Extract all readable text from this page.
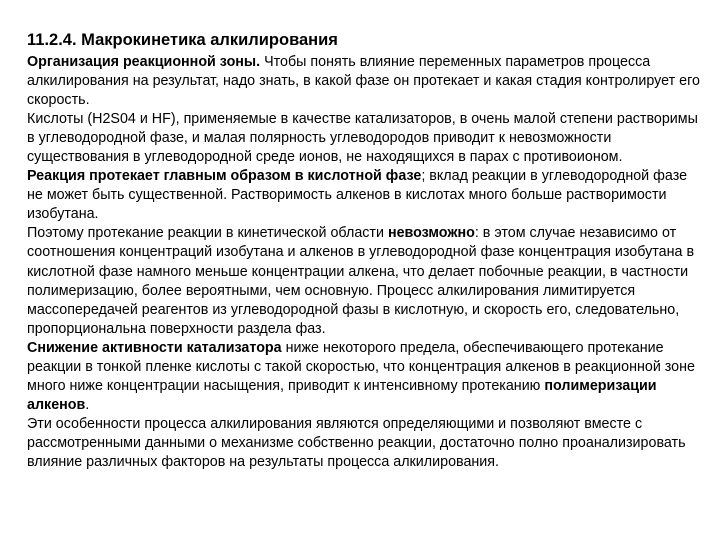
11.2.4. Макрокинетика алкилирования

Организация реакционной зоны. Чтобы понять влияние переменных параметров процесса алкилирования на результат, надо знать, в какой фазе он протекает и какая стадия контролирует его скорость.

Кислоты (H2S04 и HF), применяемые в качестве катализаторов, в очень малой степени растворимы в углеводородной фазе, и малая полярность углеводородов приводит к невозможности существования в углеводородной среде ионов, не находящихся в парах с противоионом.

Реакция протекает главным образом в кислотной фазе; вклад реакции в углеводородной фазе не может быть существенной. Растворимость алкенов в кислотах много больше растворимости изобутана.

Поэтому протекание реакции в кинетической области невозможно: в этом случае независимо от соотношения концентраций изобутана и алкенов в углеводородной фазе концентрация изобутана в кислотной фазе намного меньше концентрации алкена, что делает побочные реакции, в частности полимеризацию, более вероятными, чем основную. Процесс алкилирования лимитируется массопередачей реагентов из углеводородной фазы в кислотную, и скорость его, следовательно, пропорциональна поверхности раздела фаз.

Снижение активности катализатора ниже некоторого предела, обеспечивающего протекание реакции в тонкой пленке кислоты с такой скоростью, что концентрация алкенов в реакционной зоне много ниже концентрации насыщения, приводит к интенсивному протеканию полимеризации алкенов.

Эти особенности процесса алкилирования являются определяющими и позволяют вместе с рассмотренными данными о механизме собственно реакции, достаточно полно проанализировать влияние различных факторов на результаты процесса алкилирования.
